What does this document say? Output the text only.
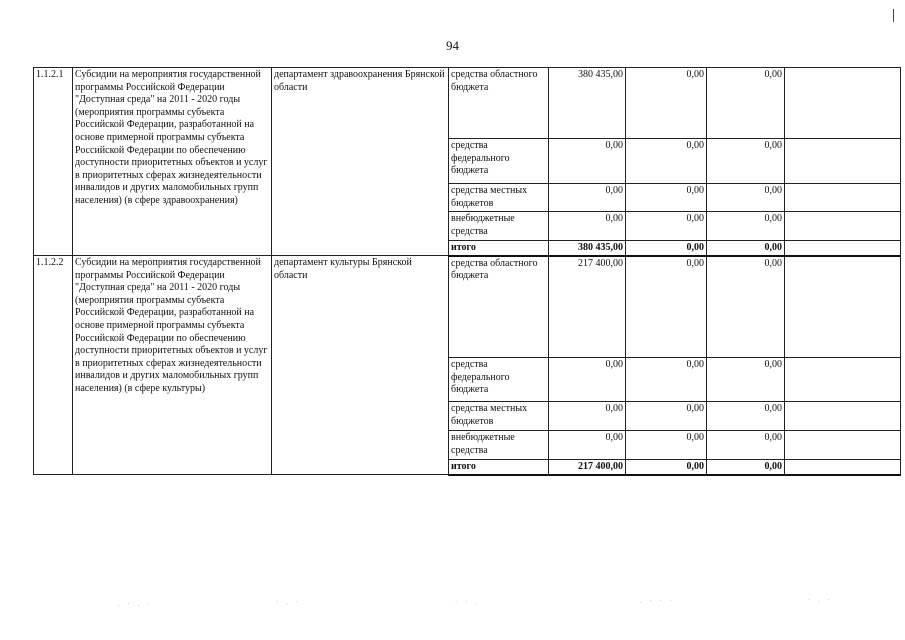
94
1.1.2.1	Субсидии на мероприятия государственной программы Российской Федерации "Доступная среда" на 2011 - 2020 годы (мероприятия программы субъекта Российской Федерации, разработанной на основе примерной программы субъекта Российской Федерации по обеспечению доступности приоритетных объектов и услуг в приоритетных сферах жизнедеятельности инвалидов и других маломобильных групп населения) (в сфере здравоохранения)	департамент здравоохранения Брянской области	средства областного бюджета	380 435,00	0,00	0,00	
			средства федерального бюджета	0,00	0,00	0,00	
			средства местных бюджетов	0,00	0,00	0,00	
			внебюджетные средства	0,00	0,00	0,00	
			итого	380 435,00	0,00	0,00	
1.1.2.2	Субсидии на мероприятия государственной программы Российской Федерации "Доступная среда" на 2011 - 2020 годы (мероприятия программы субъекта Российской Федерации, разработанной на основе примерной программы субъекта Российской Федерации по обеспечению доступности приоритетных объектов и услуг в приоритетных сферах жизнедеятельности инвалидов и других маломобильных групп населения) (в сфере культуры)	департамент культуры Брянской области	средства областного бюджета	217 400,00	0,00	0,00	
			средства федерального бюджета	0,00	0,00	0,00	
			средства местных бюджетов	0,00	0,00	0,00	
			внебюджетные средства	0,00	0,00	0,00	
			итого	217 400,00	0,00	0,00	
. · . ·	· . ·	· · .	. · · ·	· . ·
